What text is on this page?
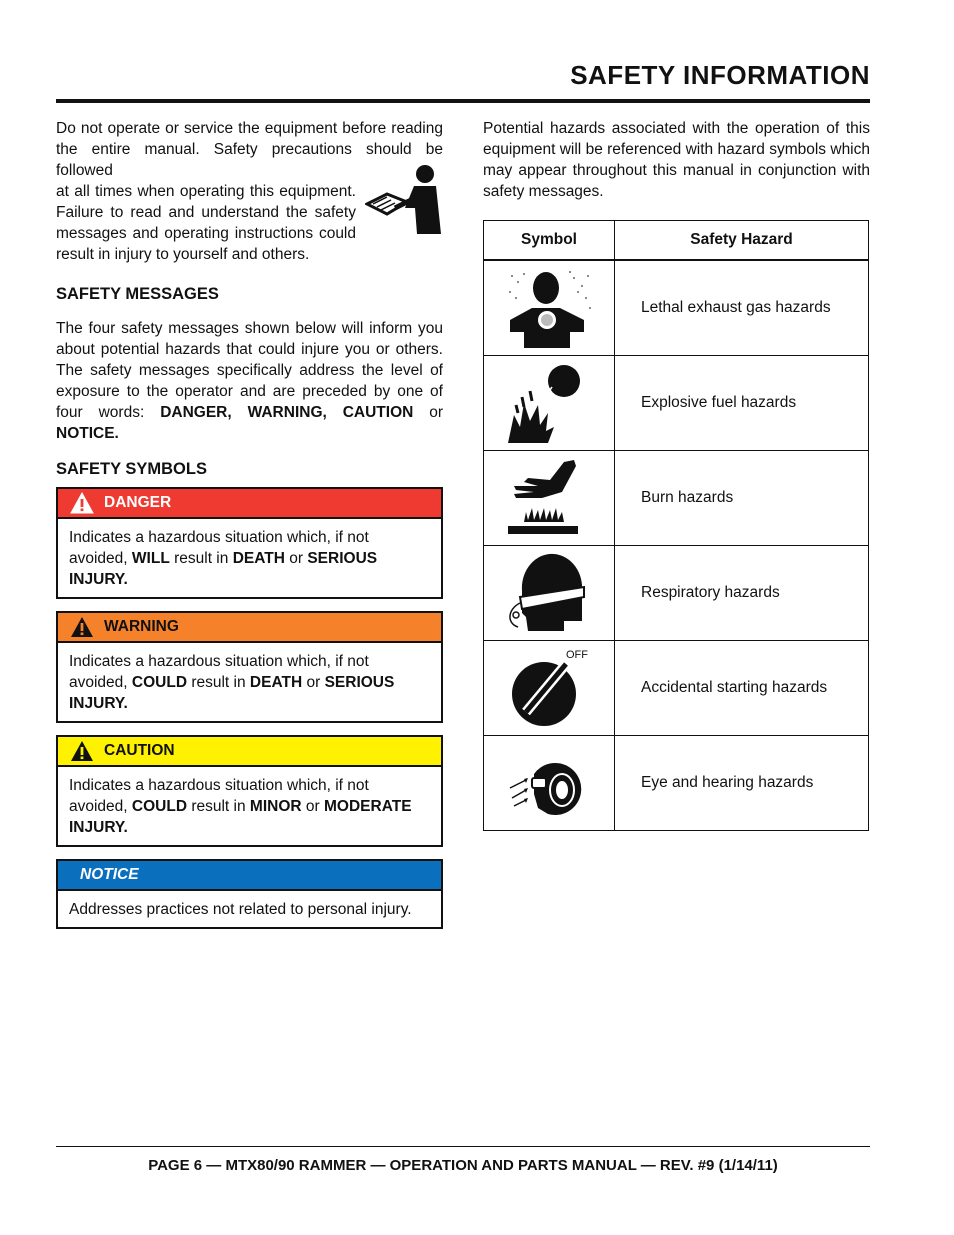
SAFETY INFORMATION

Do not operate or service the equipment before reading the entire manual. Safety precautions should be followed

at all times when operating this equipment. Failure to read and understand the safety messages and operating instructions could result in injury to yourself and others.

SAFETY MESSAGES

The four safety messages shown below will inform you about potential hazards that could injure you or others. The safety messages specifically address the level of exposure to the operator and are preceded by one of four words: DANGER, WARNING, CAUTION or NOTICE.

SAFETY SYMBOLS
DANGER
Indicates a hazardous situation which, if not avoided, WILL result in DEATH or SERIOUS INJURY.
WARNING
Indicates a hazardous situation which, if not avoided, COULD result in DEATH or SERIOUS INJURY.
CAUTION
Indicates a hazardous situation which, if not avoided, COULD result in MINOR or MODERATE INJURY.
NOTICE
Addresses practices not related to personal injury.

Potential hazards associated with the operation of this equipment will be referenced with hazard symbols which may appear throughout this manual in conjunction with safety messages.

Symbol	Safety Hazard

	Lethal exhaust gas hazards

	Explosive fuel hazards

	Burn hazards

	Respiratory hazards

OFF	Accidental starting hazards

	Eye and hearing hazards
PAGE 6 — MTX80/90 RAMMER — OPERATION AND PARTS MANUAL — REV. #9 (1/14/11)
